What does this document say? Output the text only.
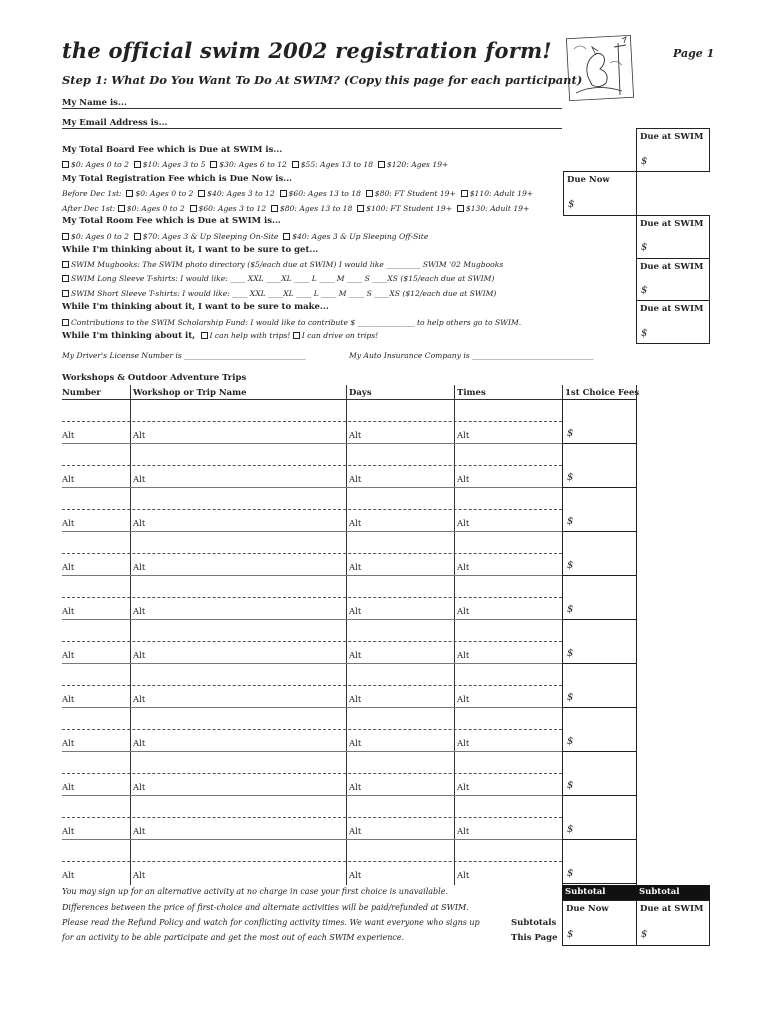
the official swim 2002 registration form!	Page 1
Step 1: What Do You Want To Do At SWIM? (Copy this page for each participant)
My Name is...
My Email Address is...
My Total Board Fee which is Due at SWIM is...
$0: Ages 0 to 2 $10: Ages 3 to 5 $30: Ages 6 to 12 $55: Ages 13 to 18 $120: Ages 19+
My Total Registration Fee which is Due Now is...
Before Dec 1st: $0: Ages 0 to 2 $40: Ages 3 to 12 $60: Ages 13 to 18 $80: FT Student 19+ $110: Adult 19+
After Dec 1st: $0: Ages 0 to 2 $60: Ages 3 to 12 $80: Ages 13 to 18 $100: FT Student 19+ $130: Adult 19+
My Total Room Fee which is Due at SWIM is...
$0: Ages 0 to 2 $70: Ages 3 & Up Sleeping On-Site $40: Ages 3 & Up Sleeping Off-Site
While I'm thinking about it, I want to be sure to get...
SWIM Mugbooks: The SWIM photo directory ($5/each due at SWIM) I would like _________ SWIM '02 Mugbooks
SWIM Long Sleeve T-shirts: I would like: ____ XXL ____XL ____ L ____ M ____ S ____XS ($15/each due at SWIM)
SWIM Short Sleeve T-shirts: I would like: ____ XXL ____XL ____ L ____ M ____ S ____XS ($12/each due at SWIM)
While I'm thinking about it, I want to be sure to make...
Contributions to the SWIM Scholarship Fund: I would like to contribute $ _______________ to help others go to SWIM.
While I'm thinking about it, I can help with trips! I can drive on trips!
My Driver's License Number is ________________________________	My Auto Insurance Company is ________________________________
Due at SWIM
$
Due Now
$
Due at SWIM
$
Due at SWIM
$
Due at SWIM
$
Workshops & Outdoor Adventure Trips
Number	Workshop or Trip Name	Days	Times	1st Choice Fees
Alt	Alt	Alt	Alt	$
Alt	Alt	Alt	Alt	$
Alt	Alt	Alt	Alt	$
Alt	Alt	Alt	Alt	$
Alt	Alt	Alt	Alt	$
Alt	Alt	Alt	Alt	$
Alt	Alt	Alt	Alt	$
Alt	Alt	Alt	Alt	$
Alt	Alt	Alt	Alt	$
Alt	Alt	Alt	Alt	$
Alt	Alt	Alt	Alt	$
You may sign up for an alternative activity at no charge in case your first choice is unavailable.
Differences between the price of first-choice and alternate activities will be paid/refunded at SWIM.
Please read the Refund Policy and watch for conflicting activity times. We want everyone who signs up
for an activity to be able participate and get the most out of each SWIM experience.
Subtotals
This Page
Subtotal	Subtotal
Due Now
$
Due at SWIM
$
